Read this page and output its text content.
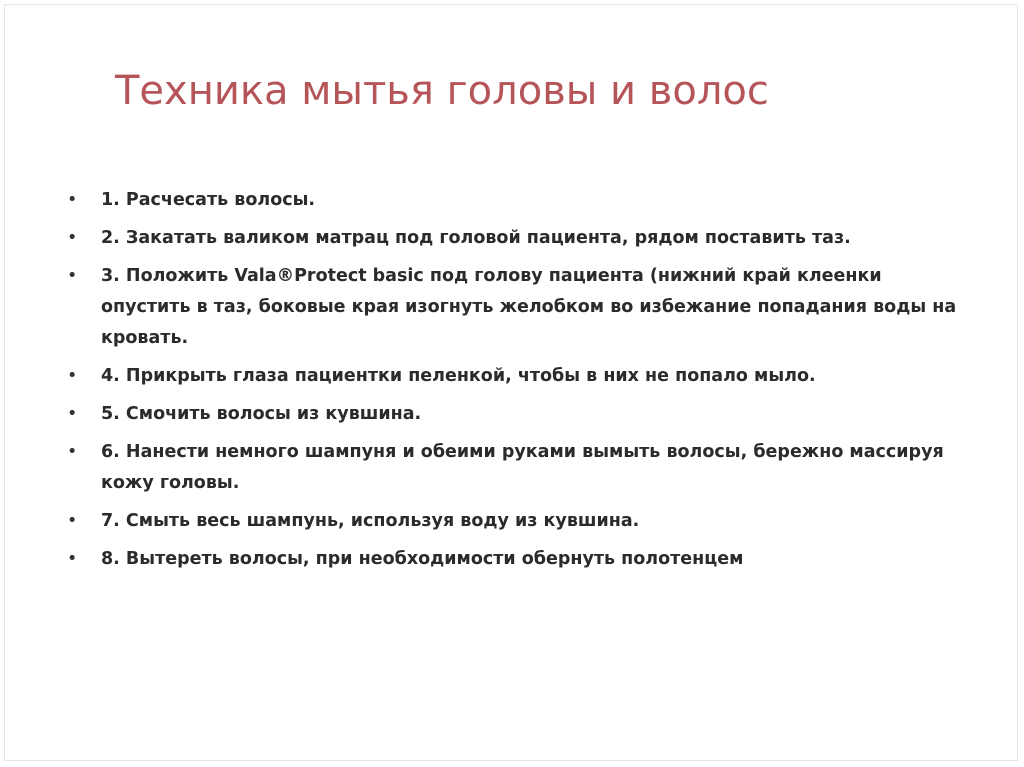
Техника мытья головы и волос
• 1. Расчесать волосы.
• 2. Закатать валиком матрац под головой пациента, рядом поставить таз.
• 3. Положить Vala®Protect basic под голову пациента (нижний край клеенки опустить в таз, боковые края изогнуть желобком во избежание попадания воды на кровать.
• 4. Прикрыть глаза пациентки пеленкой, чтобы в них не попало мыло.
• 5. Смочить волосы из кувшина.
• 6. Нанести немного шампуня и обеими руками вымыть волосы, бережно массируя кожу головы.
• 7. Смыть весь шампунь, используя воду из кувшина.
• 8. Вытереть волосы, при необходимости обернуть полотенцем
